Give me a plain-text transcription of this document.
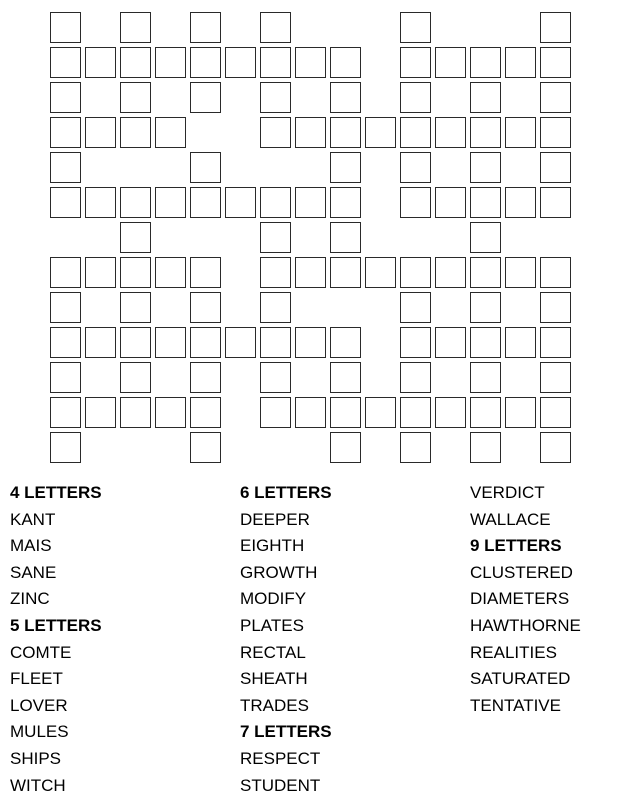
4 LETTERS
KANT
MAIS
SANE
ZINC
5 LETTERS
COMTE
FLEET
LOVER
MULES
SHIPS
WITCH
6 LETTERS
DEEPER
EIGHTH
GROWTH
MODIFY
PLATES
RECTAL
SHEATH
TRADES
7 LETTERS
RESPECT
STUDENT
VERDICT
WALLACE
9 LETTERS
CLUSTERED
DIAMETERS
HAWTHORNE
REALITIES
SATURATED
TENTATIVE
